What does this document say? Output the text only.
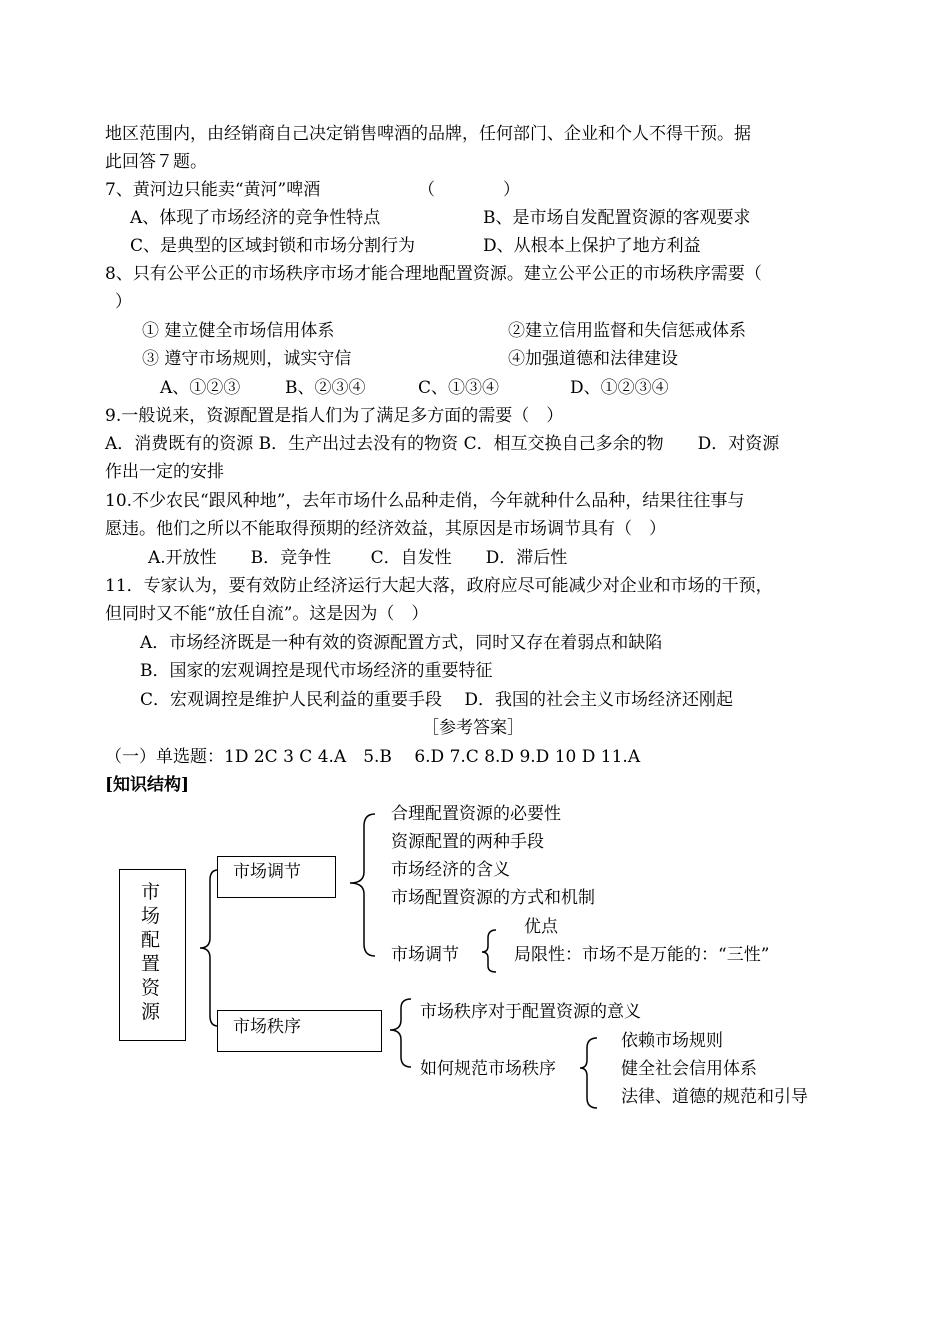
地区范围内，由经销商自己决定销售啤酒的品牌，任何部门、企业和个人不得干预。据
此回答７题。
7、黄河边只能卖“黄河”啤酒	（　　　　）
A、体现了市场经济的竞争性特点	B、是市场自发配置资源的客观要求
C、是典型的区域封锁和市场分割行为	D、从根本上保护了地方利益
8、只有公平公正的市场秩序市场才能合理地配置资源。建立公平公正的市场秩序需要（
）
① 建立健全市场信用体系	②建立信用监督和失信惩戒体系
③ 遵守市场规则，诚实守信	④加强道德和法律建设
A、①②③	B、②③④	C、①③④	D、①②③④
9.一般说来，资源配置是指人们为了满足多方面的需要（　）
A．消费既有的资源 B．生产出过去没有的物资 C．相互交换自己多余的物　　D．对资源
作出一定的安排
10.不少农民“跟风种地”，去年市场什么品种走俏，今年就种什么品种，结果往往事与
愿违。他们之所以不能取得预期的经济效益，其原因是市场调节具有（　）
A.开放性　　B．竞争性　　 C．自发性　　D．滞后性
11．专家认为，要有效防止经济运行大起大落，政府应尽可能减少对企业和市场的干预，
但同时又不能“放任自流”。这是因为（　）
A．市场经济既是一种有效的资源配置方式，同时又存在着弱点和缺陷
B．国家的宏观调控是现代市场经济的重要特征
C．宏观调控是维护人民利益的重要手段　 D．我国的社会主义市场经济还刚起
［参考答案］
（一）单选题：1D 2C 3 C 4.A　5.B　 6.D 7.C 8.D 9.D 10 D 11.A
[知识结构]
市场配置资源
市场调节
市场秩序
合理配置资源的必要性
资源配置的两种手段
市场经济的含义
市场配置资源的方式和机制
市场调节
优点
局限性：市场不是万能的：“三性”
市场秩序对于配置资源的意义
如何规范市场秩序
依赖市场规则
健全社会信用体系
法律、道德的规范和引导
